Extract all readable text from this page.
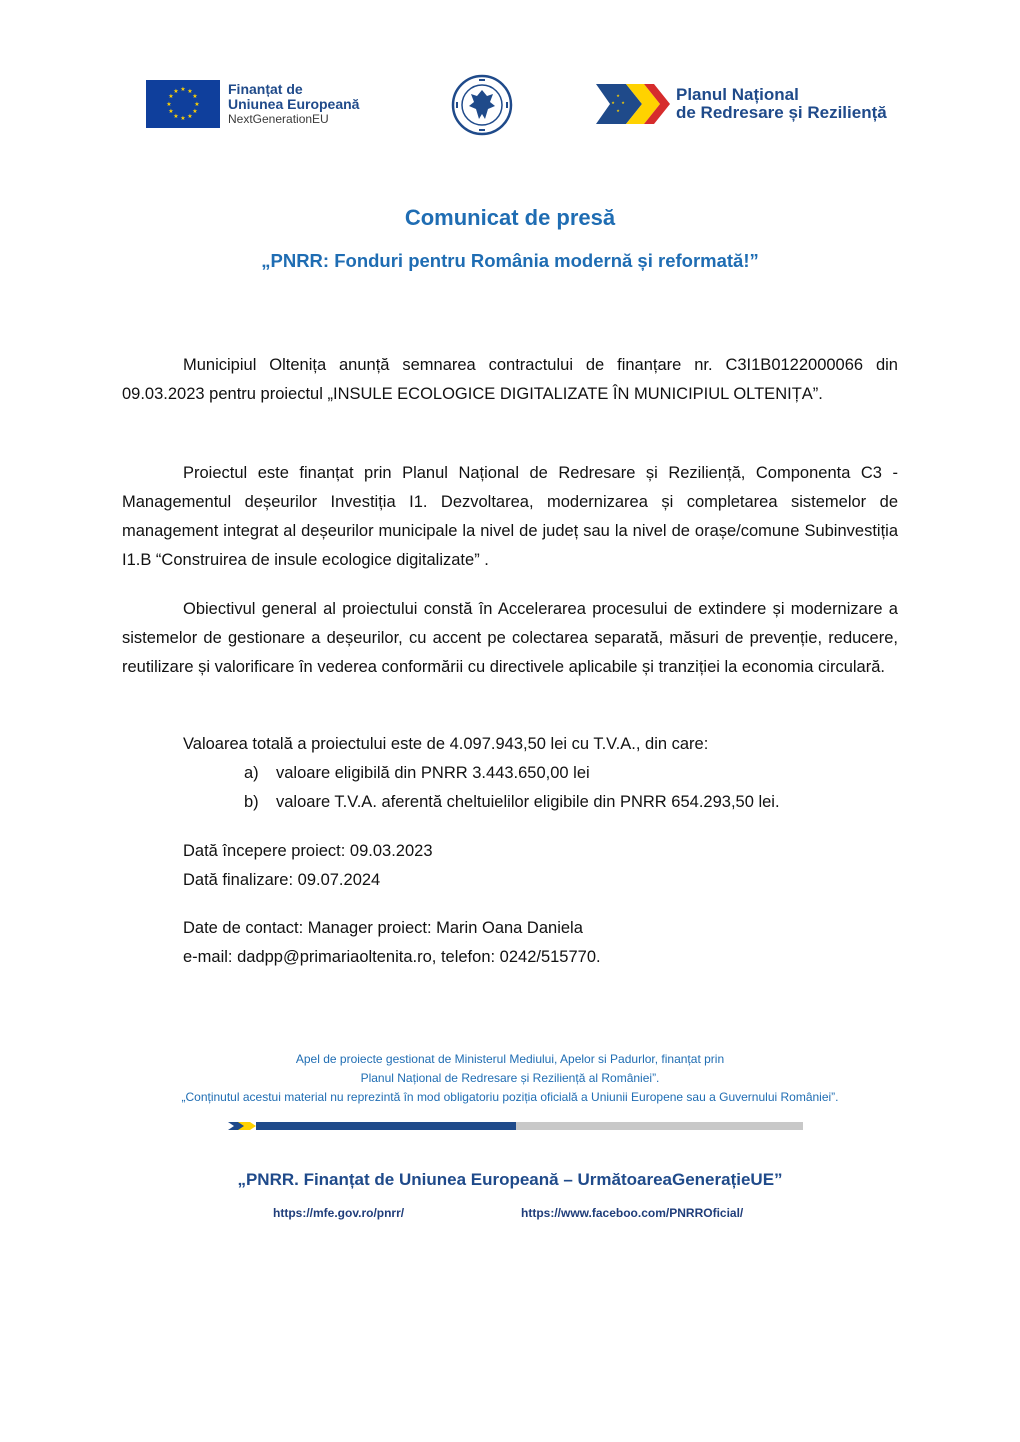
★ ★
★
★
★
★
★
★
★
★
★
★	Finanțat de
Uniunea Europeană
NextGenerationEU
★
★
★
★	Planul Național
de Redresare și Reziliență
Comunicat de presă
„PNRR: Fonduri pentru România modernă și reformată!”

Municipiul Oltenița anunță semnarea contractului de finanțare nr. C3I1B0122000066 din 09.03.2023 pentru proiectul „INSULE ECOLOGICE DIGITALIZATE ÎN MUNICIPIUL OLTENIȚA”.

Proiectul este finanțat prin Planul Național de Redresare și Reziliență, Componenta C3 - Managementul deșeurilor Investiția I1. Dezvoltarea, modernizarea și completarea sistemelor de management integrat al deșeurilor municipale la nivel de județ sau la nivel de orașe/comune Subinvestiția I1.B “Construirea de insule ecologice digitalizate” .

Obiectivul general al proiectului constă în Accelerarea procesului de extindere și modernizare a sistemelor de gestionare a deșeurilor, cu accent pe colectarea separată, măsuri de prevenție, reducere, reutilizare și valorificare în vederea conformării cu directivele aplicabile și tranziției la economia circulară.

Valoarea totală a proiectului este de 4.097.943,50 lei cu T.V.A., din care:

a) valoare eligibilă din PNRR 3.443.650,00 lei
b) valoare T.V.A. aferentă cheltuielilor eligibile din PNRR 654.293,50 lei.

Dată începere proiect: 09.03.2023

Dată finalizare: 09.07.2024

Date de contact: Manager proiect: Marin Oana Daniela

e-mail: dadpp@primariaoltenita.ro, telefon: 0242/515770.

Apel de proiecte gestionat de Ministerul Mediului, Apelor si Padurlor, finanțat prin

Planul Național de Redresare și Reziliență al României”.

„Conținutul acestui material nu reprezintă în mod obligatoriu poziția oficială a Uniunii Europene sau a Guvernului României”.

„PNRR. Finanțat de Uniunea Europeană – UrmătoareaGenerațieUE”

https://mfe.gov.ro/pnrr/	https://www.faceboo.com/PNRROficial/
